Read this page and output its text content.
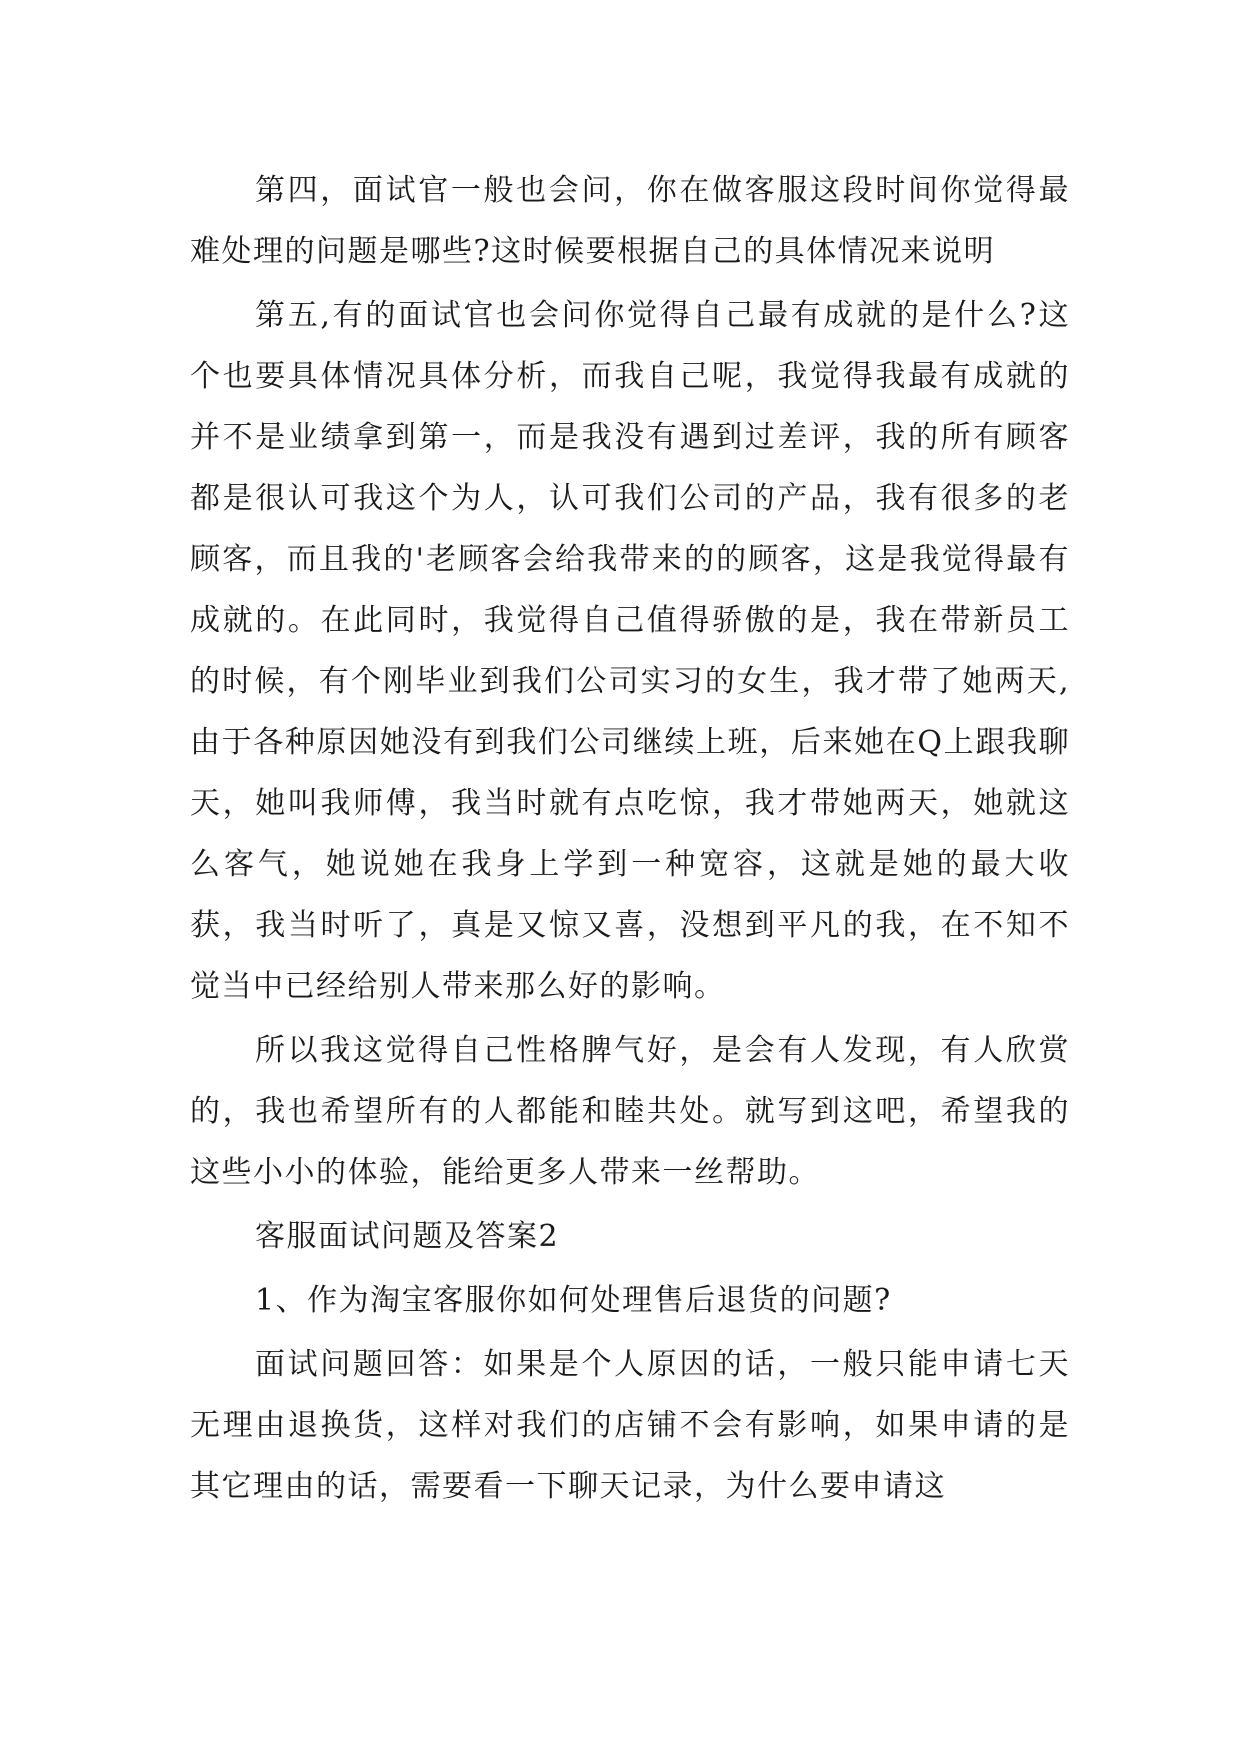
第四，面试官一般也会问，你在做客服这段时间你觉得最难处理的问题是哪些?这时候要根据自己的具体情况来说明

第五,有的面试官也会问你觉得自己最有成就的是什么?这个也要具体情况具体分析，而我自己呢，我觉得我最有成就的并不是业绩拿到第一，而是我没有遇到过差评，我的所有顾客都是很认可我这个为人，认可我们公司的产品，我有很多的老顾客，而且我的'老顾客会给我带来的的顾客，这是我觉得最有成就的。在此同时，我觉得自己值得骄傲的是，我在带新员工的时候，有个刚毕业到我们公司实习的女生，我才带了她两天,由于各种原因她没有到我们公司继续上班，后来她在Q上跟我聊天，她叫我师傅，我当时就有点吃惊，我才带她两天，她就这么客气，她说她在我身上学到一种宽容，这就是她的最大收获，我当时听了，真是又惊又喜，没想到平凡的我，在不知不觉当中已经给别人带来那么好的影响。

所以我这觉得自己性格脾气好，是会有人发现，有人欣赏的，我也希望所有的人都能和睦共处。就写到这吧，希望我的这些小小的体验，能给更多人带来一丝帮助。

客服面试问题及答案2

1、作为淘宝客服你如何处理售后退货的问题?

面试问题回答：如果是个人原因的话，一般只能申请七天无理由退换货，这样对我们的店铺不会有影响，如果申请的是其它理由的话，需要看一下聊天记录，为什么要申请这
